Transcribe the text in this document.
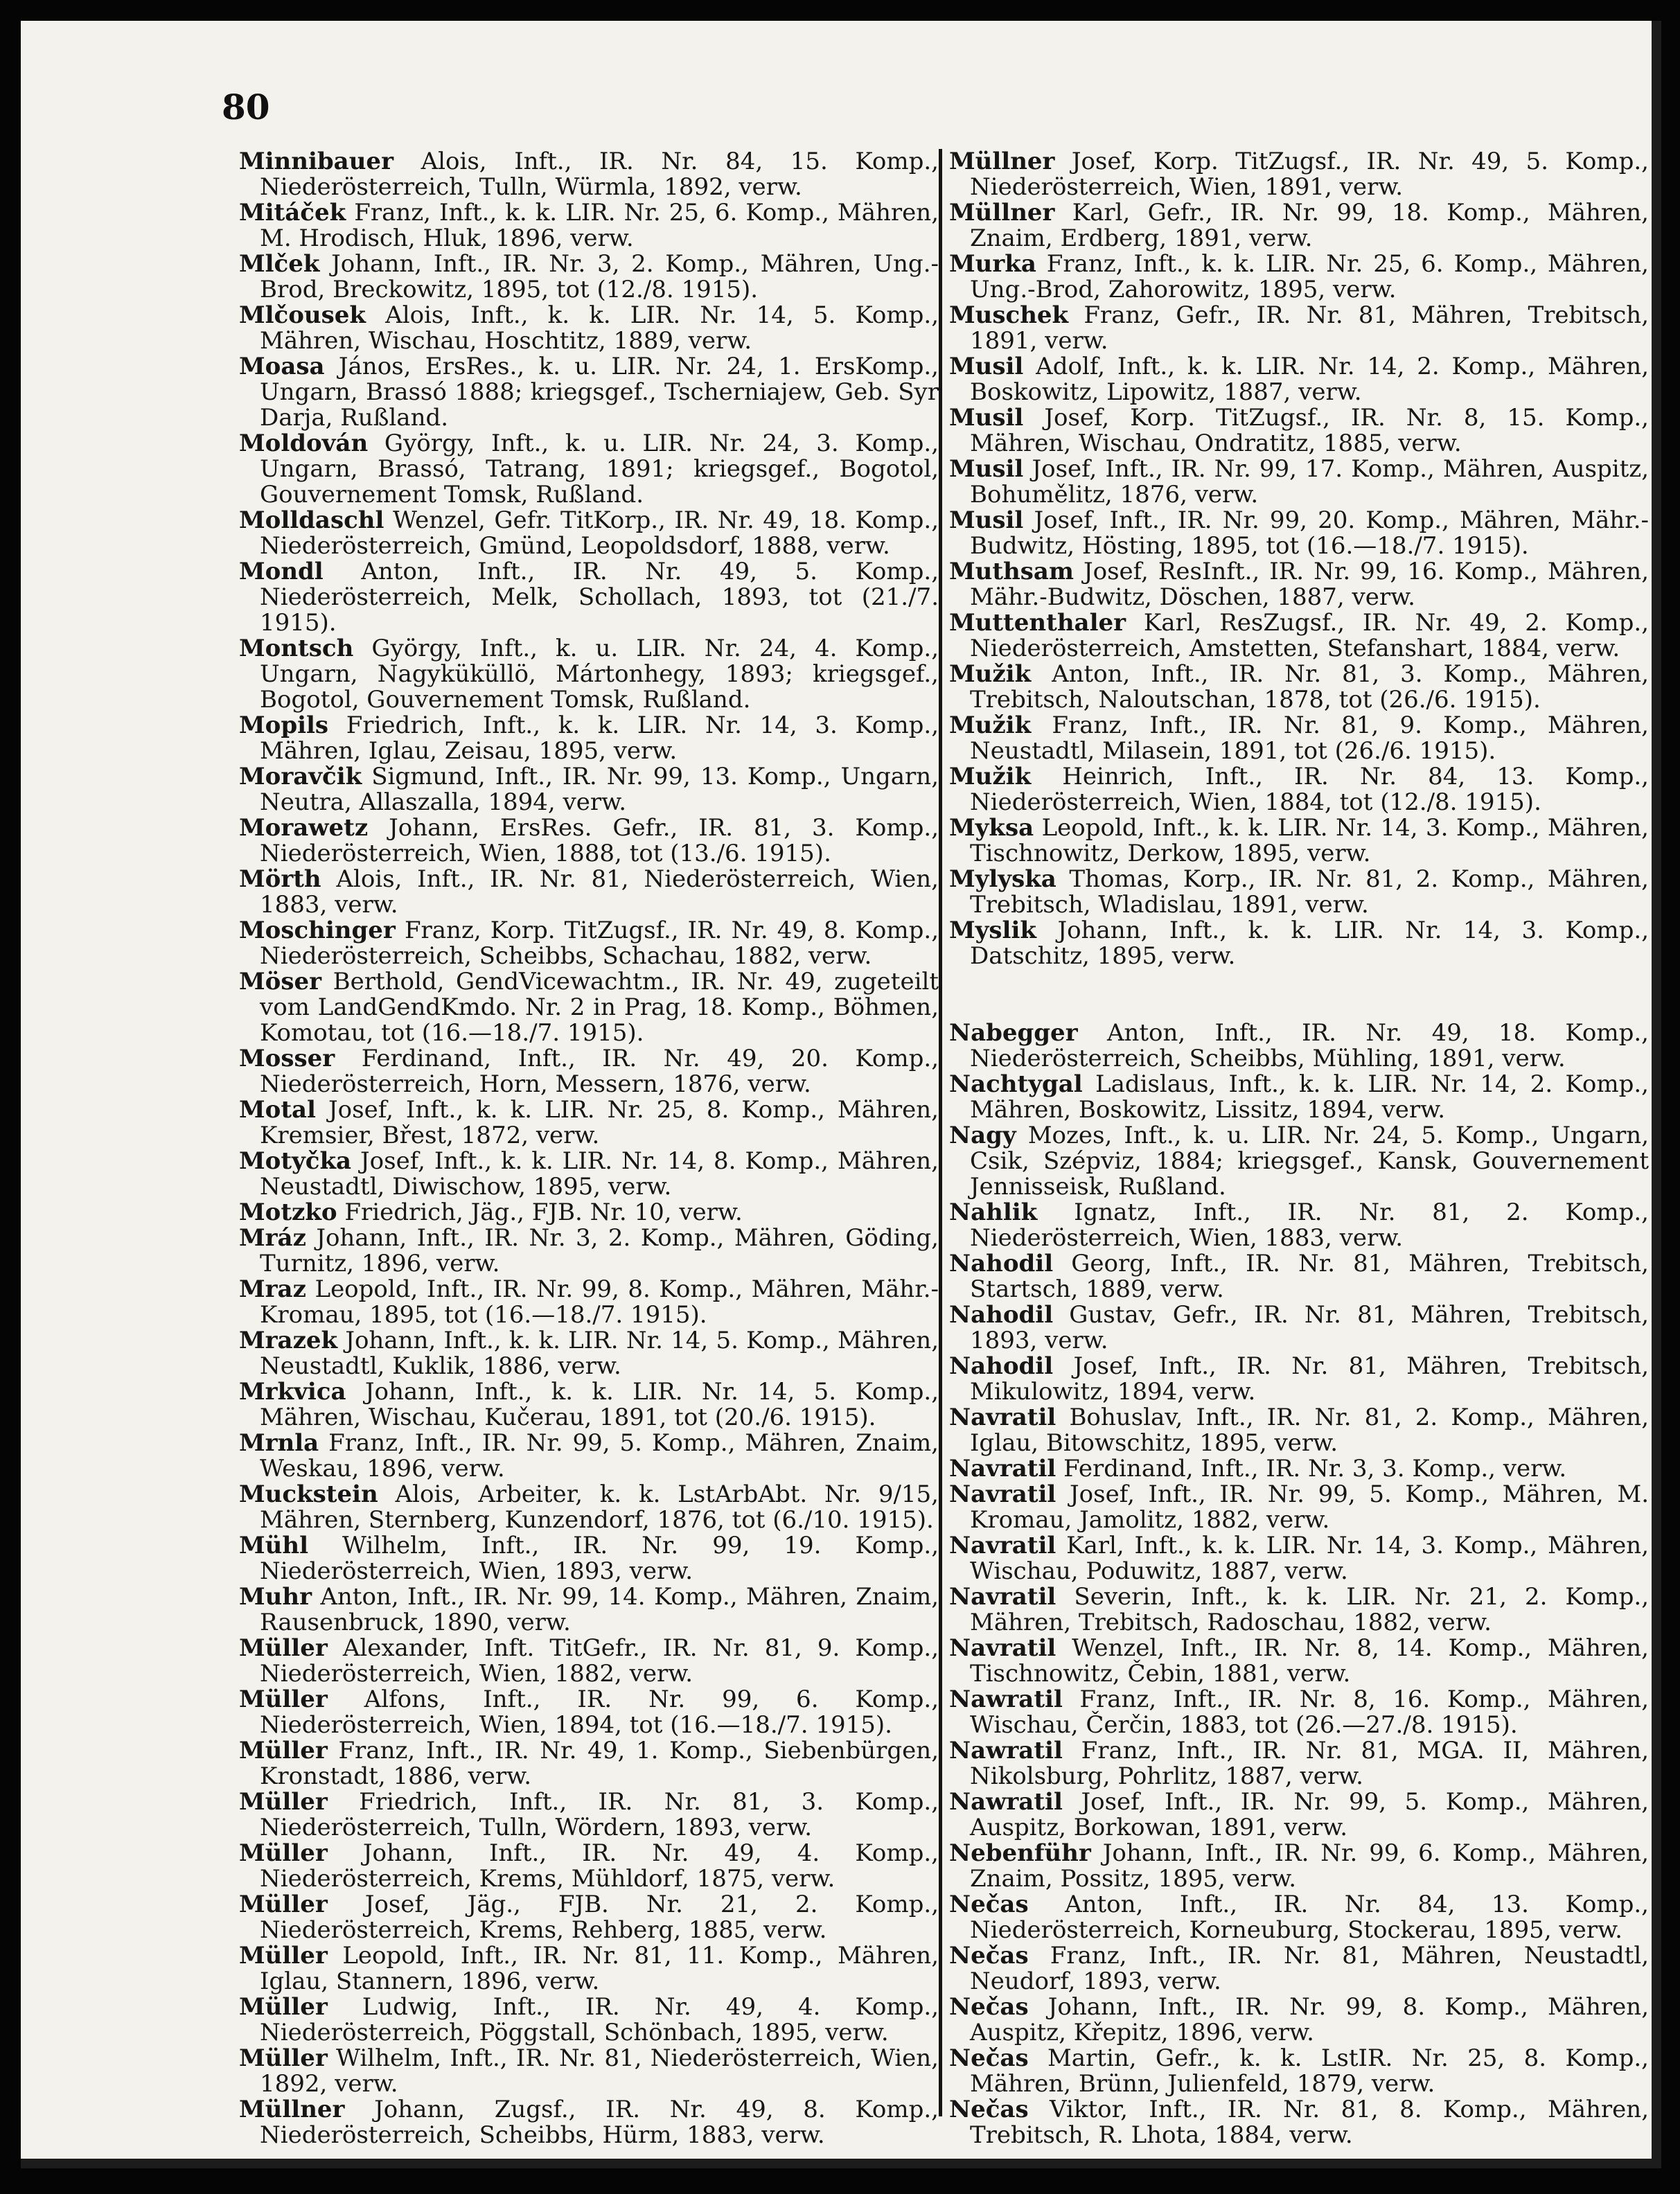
80

Minnibauer Alois, Inft., IR. Nr. 84, 15. Komp., Niederösterreich, Tulln, Würmla, 1892, verw.

Mitáček Franz, Inft., k. k. LIR. Nr. 25, 6. Komp., Mähren, M. Hrodisch, Hluk, 1896, verw.

Mlček Johann, Inft., IR. Nr. 3, 2. Komp., Mähren, Ung.-Brod, Breckowitz, 1895, tot (12./8. 1915).

Mlčousek Alois, Inft., k. k. LIR. Nr. 14, 5. Komp., Mähren, Wischau, Hoschtitz, 1889, verw.

Moasa János, ErsRes., k. u. LIR. Nr. 24, 1. ErsKomp., Ungarn, Brassó 1888; kriegsgef., Tscherniajew, Geb. Syr Darja, Rußland.

Moldován György, Inft., k. u. LIR. Nr. 24, 3. Komp., Ungarn, Brassó, Tatrang, 1891; kriegsgef., Bogotol, Gouvernement Tomsk, Rußland.

Molldaschl Wenzel, Gefr. TitKorp., IR. Nr. 49, 18. Komp., Niederösterreich, Gmünd, Leopoldsdorf, 1888, verw.

Mondl Anton, Inft., IR. Nr. 49, 5. Komp., Niederösterreich, Melk, Schollach, 1893, tot (21./7. 1915).

Montsch György, Inft., k. u. LIR. Nr. 24, 4. Komp., Ungarn, Nagyküküllö, Mártonhegy, 1893; kriegsgef., Bogotol, Gouvernement Tomsk, Rußland.

Mopils Friedrich, Inft., k. k. LIR. Nr. 14, 3. Komp., Mähren, Iglau, Zeisau, 1895, verw.

Moravčik Sigmund, Inft., IR. Nr. 99, 13. Komp., Ungarn, Neutra, Allaszalla, 1894, verw.

Morawetz Johann, ErsRes. Gefr., IR. 81, 3. Komp., Niederösterreich, Wien, 1888, tot (13./6. 1915).

Mörth Alois, Inft., IR. Nr. 81, Niederösterreich, Wien, 1883, verw.

Moschinger Franz, Korp. TitZugsf., IR. Nr. 49, 8. Komp., Niederösterreich, Scheibbs, Schachau, 1882, verw.

Möser Berthold, GendVicewachtm., IR. Nr. 49, zugeteilt vom LandGendKmdo. Nr. 2 in Prag, 18. Komp., Böhmen, Komotau, tot (16.—18./7. 1915).

Mosser Ferdinand, Inft., IR. Nr. 49, 20. Komp., Niederösterreich, Horn, Messern, 1876, verw.

Motal Josef, Inft., k. k. LIR. Nr. 25, 8. Komp., Mähren, Kremsier, Břest, 1872, verw.

Motyčka Josef, Inft., k. k. LIR. Nr. 14, 8. Komp., Mähren, Neustadtl, Diwischow, 1895, verw.

Motzko Friedrich, Jäg., FJB. Nr. 10, verw.

Mráz Johann, Inft., IR. Nr. 3, 2. Komp., Mähren, Göding, Turnitz, 1896, verw.

Mraz Leopold, Inft., IR. Nr. 99, 8. Komp., Mähren, Mähr.-Kromau, 1895, tot (16.—18./7. 1915).

Mrazek Johann, Inft., k. k. LIR. Nr. 14, 5. Komp., Mähren, Neustadtl, Kuklik, 1886, verw.

Mrkvica Johann, Inft., k. k. LIR. Nr. 14, 5. Komp., Mähren, Wischau, Kučerau, 1891, tot (20./6. 1915).

Mrnla Franz, Inft., IR. Nr. 99, 5. Komp., Mähren, Znaim, Weskau, 1896, verw.

Muckstein Alois, Arbeiter, k. k. LstArbAbt. Nr. 9/15, Mähren, Sternberg, Kunzendorf, 1876, tot (6./10. 1915).

Mühl Wilhelm, Inft., IR. Nr. 99, 19. Komp., Niederösterreich, Wien, 1893, verw.

Muhr Anton, Inft., IR. Nr. 99, 14. Komp., Mähren, Znaim, Rausenbruck, 1890, verw.

Müller Alexander, Inft. TitGefr., IR. Nr. 81, 9. Komp., Niederösterreich, Wien, 1882, verw.

Müller Alfons, Inft., IR. Nr. 99, 6. Komp., Niederösterreich, Wien, 1894, tot (16.—18./7. 1915).

Müller Franz, Inft., IR. Nr. 49, 1. Komp., Siebenbürgen, Kronstadt, 1886, verw.

Müller Friedrich, Inft., IR. Nr. 81, 3. Komp., Niederösterreich, Tulln, Wördern, 1893, verw.

Müller Johann, Inft., IR. Nr. 49, 4. Komp., Niederösterreich, Krems, Mühldorf, 1875, verw.

Müller Josef, Jäg., FJB. Nr. 21, 2. Komp., Niederösterreich, Krems, Rehberg, 1885, verw.

Müller Leopold, Inft., IR. Nr. 81, 11. Komp., Mähren, Iglau, Stannern, 1896, verw.

Müller Ludwig, Inft., IR. Nr. 49, 4. Komp., Niederösterreich, Pöggstall, Schönbach, 1895, verw.

Müller Wilhelm, Inft., IR. Nr. 81, Niederösterreich, Wien, 1892, verw.

Müllner Johann, Zugsf., IR. Nr. 49, 8. Komp., Niederösterreich, Scheibbs, Hürm, 1883, verw.

Müllner Josef, Korp. TitZugsf., IR. Nr. 49, 5. Komp., Niederösterreich, Wien, 1891, verw.

Müllner Karl, Gefr., IR. Nr. 99, 18. Komp., Mähren, Znaim, Erdberg, 1891, verw.

Murka Franz, Inft., k. k. LIR. Nr. 25, 6. Komp., Mähren, Ung.-Brod, Zahorowitz, 1895, verw.

Muschek Franz, Gefr., IR. Nr. 81, Mähren, Trebitsch, 1891, verw.

Musil Adolf, Inft., k. k. LIR. Nr. 14, 2. Komp., Mähren, Boskowitz, Lipowitz, 1887, verw.

Musil Josef, Korp. TitZugsf., IR. Nr. 8, 15. Komp., Mähren, Wischau, Ondratitz, 1885, verw.

Musil Josef, Inft., IR. Nr. 99, 17. Komp., Mähren, Auspitz, Bohumělitz, 1876, verw.

Musil Josef, Inft., IR. Nr. 99, 20. Komp., Mähren, Mähr.-Budwitz, Hösting, 1895, tot (16.—18./7. 1915).

Muthsam Josef, ResInft., IR. Nr. 99, 16. Komp., Mähren, Mähr.-Budwitz, Döschen, 1887, verw.

Muttenthaler Karl, ResZugsf., IR. Nr. 49, 2. Komp., Niederösterreich, Amstetten, Stefanshart, 1884, verw.

Mužik Anton, Inft., IR. Nr. 81, 3. Komp., Mähren, Trebitsch, Naloutschan, 1878, tot (26./6. 1915).

Mužik Franz, Inft., IR. Nr. 81, 9. Komp., Mähren, Neustadtl, Milasein, 1891, tot (26./6. 1915).

Mužik Heinrich, Inft., IR. Nr. 84, 13. Komp., Niederösterreich, Wien, 1884, tot (12./8. 1915).

Myksa Leopold, Inft., k. k. LIR. Nr. 14, 3. Komp., Mähren, Tischnowitz, Derkow, 1895, verw.

Mylyska Thomas, Korp., IR. Nr. 81, 2. Komp., Mähren, Trebitsch, Wladislau, 1891, verw.

Myslik Johann, Inft., k. k. LIR. Nr. 14, 3. Komp., Datschitz, 1895, verw.

Nabegger Anton, Inft., IR. Nr. 49, 18. Komp., Niederösterreich, Scheibbs, Mühling, 1891, verw.

Nachtygal Ladislaus, Inft., k. k. LIR. Nr. 14, 2. Komp., Mähren, Boskowitz, Lissitz, 1894, verw.

Nagy Mozes, Inft., k. u. LIR. Nr. 24, 5. Komp., Ungarn, Csik, Szépviz, 1884; kriegsgef., Kansk, Gouvernement Jennisseisk, Rußland.

Nahlik Ignatz, Inft., IR. Nr. 81, 2. Komp., Niederösterreich, Wien, 1883, verw.

Nahodil Georg, Inft., IR. Nr. 81, Mähren, Trebitsch, Startsch, 1889, verw.

Nahodil Gustav, Gefr., IR. Nr. 81, Mähren, Trebitsch, 1893, verw.

Nahodil Josef, Inft., IR. Nr. 81, Mähren, Trebitsch, Mikulowitz, 1894, verw.

Navratil Bohuslav, Inft., IR. Nr. 81, 2. Komp., Mähren, Iglau, Bitowschitz, 1895, verw.

Navratil Ferdinand, Inft., IR. Nr. 3, 3. Komp., verw.

Navratil Josef, Inft., IR. Nr. 99, 5. Komp., Mähren, M. Kromau, Jamolitz, 1882, verw.

Navratil Karl, Inft., k. k. LIR. Nr. 14, 3. Komp., Mähren, Wischau, Poduwitz, 1887, verw.

Navratil Severin, Inft., k. k. LIR. Nr. 21, 2. Komp., Mähren, Trebitsch, Radoschau, 1882, verw.

Navratil Wenzel, Inft., IR. Nr. 8, 14. Komp., Mähren, Tischnowitz, Čebin, 1881, verw.

Nawratil Franz, Inft., IR. Nr. 8, 16. Komp., Mähren, Wischau, Čerčin, 1883, tot (26.—27./8. 1915).

Nawratil Franz, Inft., IR. Nr. 81, MGA. II, Mähren, Nikolsburg, Pohrlitz, 1887, verw.

Nawratil Josef, Inft., IR. Nr. 99, 5. Komp., Mähren, Auspitz, Borkowan, 1891, verw.

Nebenführ Johann, Inft., IR. Nr. 99, 6. Komp., Mähren, Znaim, Possitz, 1895, verw.

Nečas Anton, Inft., IR. Nr. 84, 13. Komp., Niederösterreich, Korneuburg, Stockerau, 1895, verw.

Nečas Franz, Inft., IR. Nr. 81, Mähren, Neustadtl, Neudorf, 1893, verw.

Nečas Johann, Inft., IR. Nr. 99, 8. Komp., Mähren, Auspitz, Křepitz, 1896, verw.

Nečas Martin, Gefr., k. k. LstIR. Nr. 25, 8. Komp., Mähren, Brünn, Julienfeld, 1879, verw.

Nečas Viktor, Inft., IR. Nr. 81, 8. Komp., Mähren, Trebitsch, R. Lhota, 1884, verw.
